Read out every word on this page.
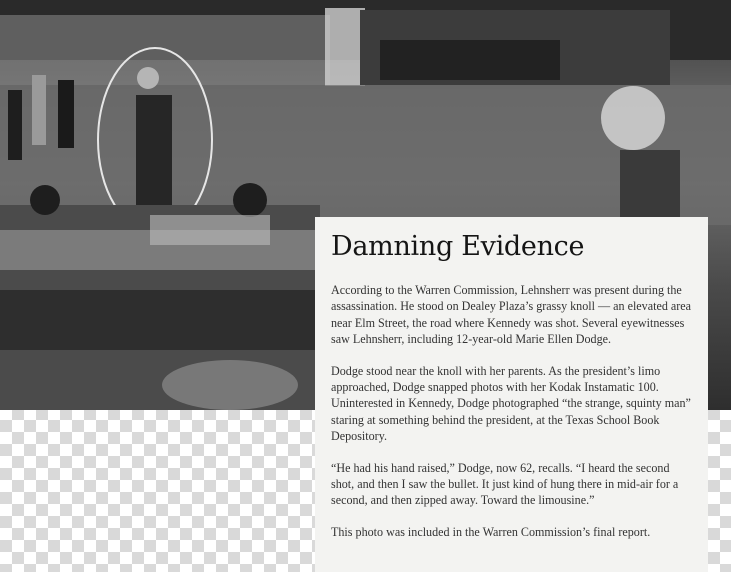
Damning Evidence

According to the Warren Commission, Lehnsherr was present during the assassination. He stood on Dealey Plaza’s grassy knoll — an elevated area near Elm Street, the road where Kennedy was shot. Several eyewitnesses saw Lehnsherr, including 12-year-old Marie Ellen Dodge.

Dodge stood near the knoll with her parents. As the president’s limo approached, Dodge snapped photos with her Kodak Instamatic 100. Uninterested in Kennedy, Dodge photographed “the strange, squinty man” staring at something behind the president, at the Texas School Book Depository.

“He had his hand raised,” Dodge, now 62, recalls. “I heard the second shot, and then I saw the bullet. It just kind of hung there in mid-air for a second, and then zipped away. Toward the limousine.”

This photo was included in the Warren Commission’s final report.
